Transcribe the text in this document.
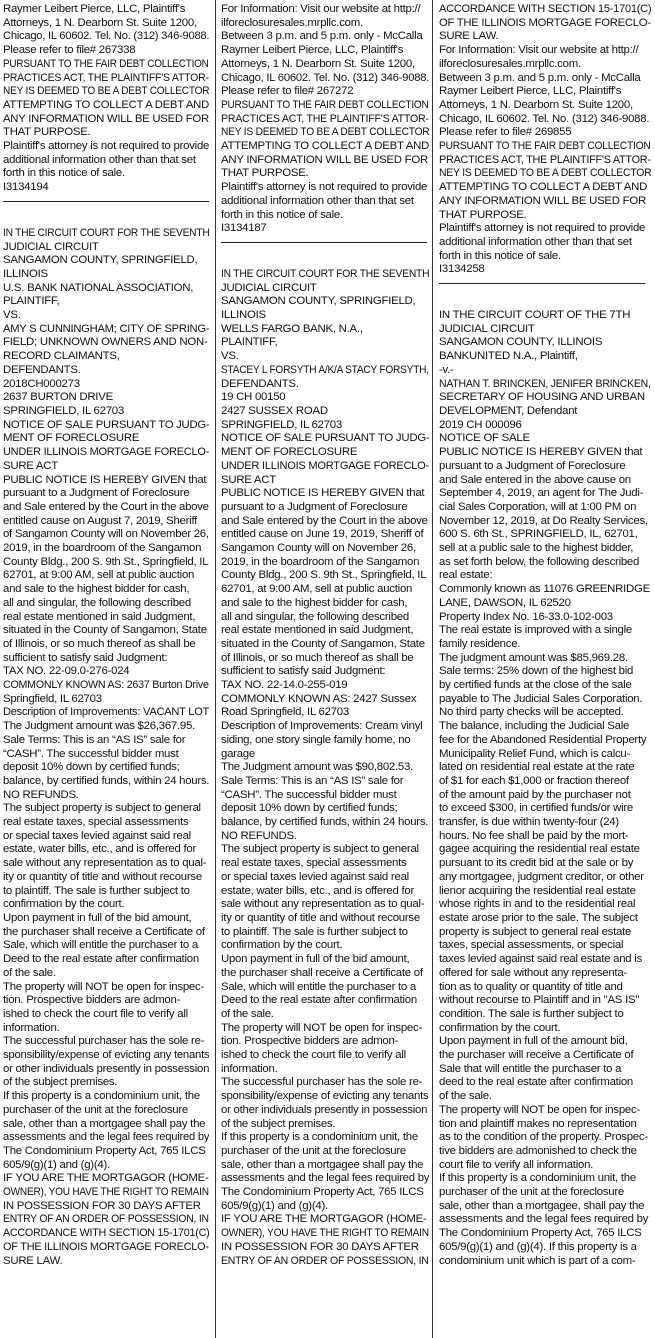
Raymer Leibert Pierce, LLC, Plaintiff's
Attorneys, 1 N. Dearborn St. Suite 1200,
Chicago, IL 60602. Tel. No. (312) 346-9088.
Please refer to file# 267338
PURSUANT TO THE FAIR DEBT COLLECTION
PRACTICES ACT, THE PLAINTIFF'S ATTOR-
NEY IS DEEMED TO BE A DEBT COLLECTOR
ATTEMPTING TO COLLECT A DEBT AND
ANY INFORMATION WILL BE USED FOR
THAT PURPOSE.
Plaintiff's attorney is not required to provide
additional information other than that set
forth in this notice of sale.
I3134194
IN THE CIRCUIT COURT FOR THE SEVENTH
JUDICIAL CIRCUIT
SANGAMON COUNTY, SPRINGFIELD,
ILLINOIS
U.S. BANK NATIONAL ASSOCIATION,
PLAINTIFF,
VS.
AMY S CUNNINGHAM; CITY OF SPRING-
FIELD; UNKNOWN OWNERS AND NON-
RECORD CLAIMANTS,
DEFENDANTS.
2018CH000273
2637 BURTON DRIVE
SPRINGFIELD, IL 62703
NOTICE OF SALE PURSUANT TO JUDG-
MENT OF FORECLOSURE
UNDER ILLINOIS MORTGAGE FORECLO-
SURE ACT
PUBLIC NOTICE IS HEREBY GIVEN that
pursuant to a Judgment of Foreclosure
and Sale entered by the Court in the above
entitled cause on August 7, 2019, Sheriff
of Sangamon County will on November 26,
2019, in the boardroom of the Sangamon
County Bldg., 200 S. 9th St., Springfield, IL
62701, at 9:00 AM, sell at public auction
and sale to the highest bidder for cash,
all and singular, the following described
real estate mentioned in said Judgment,
situated in the County of Sangamon, State
of Illinois, or so much thereof as shall be
sufficient to satisfy said Judgment:
TAX NO. 22-09.0-276-024
COMMONLY KNOWN AS: 2637 Burton Drive
Springfield, IL 62703
Description of Improvements: VACANT LOT
The Judgment amount was $26,367.95.
Sale Terms: This is an “AS IS” sale for
“CASH”. The successful bidder must
deposit 10% down by certified funds;
balance, by certified funds, within 24 hours.
NO REFUNDS.
The subject property is subject to general
real estate taxes, special assessments
or special taxes levied against said real
estate, water bills, etc., and is offered for
sale without any representation as to qual-
ity or quantity of title and without recourse
to plaintiff. The sale is further subject to
confirmation by the court.
Upon payment in full of the bid amount,
the purchaser shall receive a Certificate of
Sale, which will entitle the purchaser to a
Deed to the real estate after confirmation
of the sale.
The property will NOT be open for inspec-
tion. Prospective bidders are admon-
ished to check the court file to verify all
information.
The successful purchaser has the sole re-
sponsibility/expense of evicting any tenants
or other individuals presently in possession
of the subject premises.
If this property is a condominium unit, the
purchaser of the unit at the foreclosure
sale, other than a mortgagee shall pay the
assessments and the legal fees required by
The Condominium Property Act, 765 ILCS
605/9(g)(1) and (g)(4).
IF YOU ARE THE MORTGAGOR (HOME-
OWNER), YOU HAVE THE RIGHT TO REMAIN
IN POSSESSION FOR 30 DAYS AFTER
ENTRY OF AN ORDER OF POSSESSION, IN
ACCORDANCE WITH SECTION 15-1701(C)
OF THE ILLINOIS MORTGAGE FORECLO-
SURE LAW.
For Information: Visit our website at http://
ilforeclosuresales.mrpllc.com.
Between 3 p.m. and 5 p.m. only - McCalla
Raymer Leibert Pierce, LLC, Plaintiff's
Attorneys, 1 N. Dearborn St. Suite 1200,
Chicago, IL 60602. Tel. No. (312) 346-9088.
Please refer to file# 267272
PURSUANT TO THE FAIR DEBT COLLECTION
PRACTICES ACT, THE PLAINTIFF'S ATTOR-
NEY IS DEEMED TO BE A DEBT COLLECTOR
ATTEMPTING TO COLLECT A DEBT AND
ANY INFORMATION WILL BE USED FOR
THAT PURPOSE.
Plaintiff's attorney is not required to provide
additional information other than that set
forth in this notice of sale.
I3134187
IN THE CIRCUIT COURT FOR THE SEVENTH
JUDICIAL CIRCUIT
SANGAMON COUNTY, SPRINGFIELD,
ILLINOIS
WELLS FARGO BANK, N.A.,
PLAINTIFF,
VS.
STACEY L FORSYTH A/K/A STACY FORSYTH,
DEFENDANTS.
19 CH 00150
2427 SUSSEX ROAD
SPRINGFIELD, IL 62703
NOTICE OF SALE PURSUANT TO JUDG-
MENT OF FORECLOSURE
UNDER ILLINOIS MORTGAGE FORECLO-
SURE ACT
PUBLIC NOTICE IS HEREBY GIVEN that
pursuant to a Judgment of Foreclosure
and Sale entered by the Court in the above
entitled cause on June 19, 2019, Sheriff of
Sangamon County will on November 26,
2019, in the boardroom of the Sangamon
County Bldg., 200 S. 9th St., Springfield, IL
62701, at 9:00 AM, sell at public auction
and sale to the highest bidder for cash,
all and singular, the following described
real estate mentioned in said Judgment,
situated in the County of Sangamon, State
of Illinois, or so much thereof as shall be
sufficient to satisfy said Judgment:
TAX NO. 22-14.0-255-019
COMMONLY KNOWN AS: 2427 Sussex
Road Springfield, IL 62703
Description of Improvements: Cream vinyl
siding, one story single family home, no
garage
The Judgment amount was $90,802.53.
Sale Terms: This is an “AS IS” sale for
“CASH”. The successful bidder must
deposit 10% down by certified funds;
balance, by certified funds, within 24 hours.
NO REFUNDS.
The subject property is subject to general
real estate taxes, special assessments
or special taxes levied against said real
estate, water bills, etc., and is offered for
sale without any representation as to qual-
ity or quantity of title and without recourse
to plaintiff. The sale is further subject to
confirmation by the court.
Upon payment in full of the bid amount,
the purchaser shall receive a Certificate of
Sale, which will entitle the purchaser to a
Deed to the real estate after confirmation
of the sale.
The property will NOT be open for inspec-
tion. Prospective bidders are admon-
ished to check the court file to verify all
information.
The successful purchaser has the sole re-
sponsibility/expense of evicting any tenants
or other individuals presently in possession
of the subject premises.
If this property is a condominium unit, the
purchaser of the unit at the foreclosure
sale, other than a mortgagee shall pay the
assessments and the legal fees required by
The Condominium Property Act, 765 ILCS
605/9(g)(1) and (g)(4).
IF YOU ARE THE MORTGAGOR (HOME-
OWNER), YOU HAVE THE RIGHT TO REMAIN
IN POSSESSION FOR 30 DAYS AFTER
ENTRY OF AN ORDER OF POSSESSION, IN
ACCORDANCE WITH SECTION 15-1701(C)
OF THE ILLINOIS MORTGAGE FORECLO-
SURE LAW.
For Information: Visit our website at http://
ilforeclosuresales.mrpllc.com.
Between 3 p.m. and 5 p.m. only - McCalla
Raymer Leibert Pierce, LLC, Plaintiff's
Attorneys, 1 N. Dearborn St. Suite 1200,
Chicago, IL 60602. Tel. No. (312) 346-9088.
Please refer to file# 269855
PURSUANT TO THE FAIR DEBT COLLECTION
PRACTICES ACT, THE PLAINTIFF'S ATTOR-
NEY IS DEEMED TO BE A DEBT COLLECTOR
ATTEMPTING TO COLLECT A DEBT AND
ANY INFORMATION WILL BE USED FOR
THAT PURPOSE.
Plaintiff's attorney is not required to provide
additional information other than that set
forth in this notice of sale.
I3134258
IN THE CIRCUIT COURT OF THE 7TH
JUDICIAL CIRCUIT
SANGAMON COUNTY, ILLINOIS
BANKUNITED N.A., Plaintiff,
-v.-
NATHAN T. BRINCKEN, JENIFER BRINCKEN,
SECRETARY OF HOUSING AND URBAN
DEVELOPMENT, Defendant
2019 CH 000096
NOTICE OF SALE
PUBLIC NOTICE IS HEREBY GIVEN that
pursuant to a Judgment of Foreclosure
and Sale entered in the above cause on
September 4, 2019, an agent for The Judi-
cial Sales Corporation, will at 1:00 PM on
November 12, 2019, at Do Realty Services,
600 S. 6th St., SPRINGFIELD, IL, 62701,
sell at a public sale to the highest bidder,
as set forth below, the following described
real estate:
Commonly known as 11076 GREENRIDGE
LANE, DAWSON, IL 62520
Property Index No. 16-33.0-102-003
The real estate is improved with a single
family residence.
The judgment amount was $85,969.28.
Sale terms: 25% down of the highest bid
by certified funds at the close of the sale
payable to The Judicial Sales Corporation.
No third party checks will be accepted.
The balance, including the Judicial Sale
fee for the Abandoned Residential Property
Municipality Relief Fund, which is calcu-
lated on residential real estate at the rate
of $1 for each $1,000 or fraction thereof
of the amount paid by the purchaser not
to exceed $300, in certified funds/or wire
transfer, is due within twenty-four (24)
hours. No fee shall be paid by the mort-
gagee acquiring the residential real estate
pursuant to its credit bid at the sale or by
any mortgagee, judgment creditor, or other
lienor acquiring the residential real estate
whose rights in and to the residential real
estate arose prior to the sale. The subject
property is subject to general real estate
taxes, special assessments, or special
taxes levied against said real estate and is
offered for sale without any representa-
tion as to quality or quantity of title and
without recourse to Plaintiff and in "AS IS"
condition. The sale is further subject to
confirmation by the court.
Upon payment in full of the amount bid,
the purchaser will receive a Certificate of
Sale that will entitle the purchaser to a
deed to the real estate after confirmation
of the sale.
The property will NOT be open for inspec-
tion and plaintiff makes no representation
as to the condition of the property. Prospec-
tive bidders are admonished to check the
court file to verify all information.
If this property is a condominium unit, the
purchaser of the unit at the foreclosure
sale, other than a mortgagee, shall pay the
assessments and the legal fees required by
The Condominium Property Act, 765 ILCS
605/9(g)(1) and (g)(4). If this property is a
condominium unit which is part of a com-
